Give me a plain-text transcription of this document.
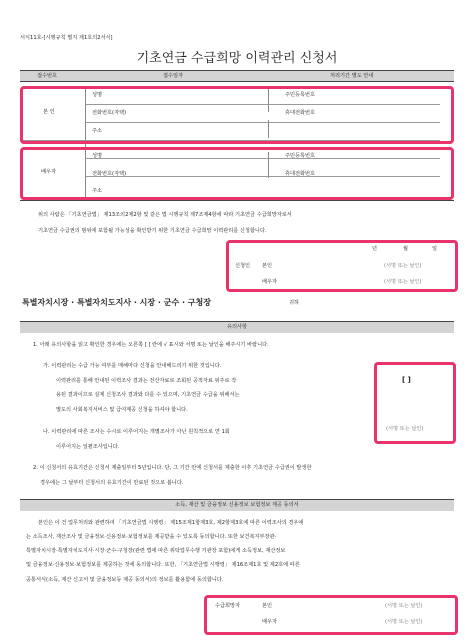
서식11호-[시행규칙 별지 제1호의2서식]
기초연금 수급희망 이력관리 신청서
접수번호	접수일자	처리기간 별도 안내
본 인
성명	주민등록번호
전화번호(자택)	휴대전화번호
주소
배우자
성명	주민등록번호
전화번호(자택)	휴대전화번호
주소
위의 사람은 「기초연금법」 제13조의2제2항 및 같은 법 시행규칙 제7조제4항에 따라 기초연금 수급희망자로서
기초연금 수급권의 범위에 포함될 가능성을 확인받기 위한 기초연금 수급희망 이력관리를 신청합니다.
년	월	일
신청인 본인	(서명 또는 날인)
배우자	(서명 또는 날인)
특별자치시장 · 특별자치도지사 · 시장 · 군수 · 구청장	귀하
유의사항
1. 아래 유의사항을 읽고 확인한 경우에는 오른쪽 [ ] 란에 √ 표시와 서명 또는 날인을 해주시기 바랍니다.
가. 이력관리는 수급 가능 여부를 매해마다 신청을 안내해드리기 위한 것입니다.
이력관리를 통해 안내된 이력조사 결과는 전산자료로 조회된 공적자료 위주로 작
용된 결과이므로 실제 신청조사 결과와 다를 수 있으며, 기초연금 수급을 위해서는
별도의 사회복지서비스 및 급여제공 신청을 하셔야 합니다.
나. 이력관리에 따른 조사는 수시로 이루어지는 개별조사가 아닌 원칙적으로 연 1회
이루어지는 일괄조사입니다.
[ ]
(서명 또는 날인)
2. 이 신청서의 유효기간은 신청서 제출일부터 5년입니다. 단, 그 기간 안에 신청서를 제출한 이후 기초연금 수급권이 발생한
경우에는 그 날부터 신청서의 유효기간이 만료된 것으로 봅니다.
소득, 재산 및 금융정보 신용정보 보험정보 제공 동의서
본인은 이 건 업무처리와 관련하여 「기초연금법 시행령」 제15조제1항제3호, 제2항제3호에 따른 이력조사의 경우에
는 소득조사, 재산조사 및 금융정보·신용정보·보험정보를 제공받을 수 있도록 동의합니다. 또한 보건복지부장관·
특별자치시장·특별자치도지사·시장·군수·구청장(관련 법에 따른 위탁업무수행 기관장 포함)에게 소득정보, 재산정보
및 금융정보·신용정보·보험정보를 제공하는 것에 동의합니다. 또한, 「기초연금법 시행령」 제16조제1호 및 제2호에 따른
공통서식(소득, 재산 신고서 및 금융정보등 제공 동의서)의 정보를 활용함에 동의합니다.
수급희망자	본인	(서명 또는 날인)
배우자	(서명 또는 날인)
